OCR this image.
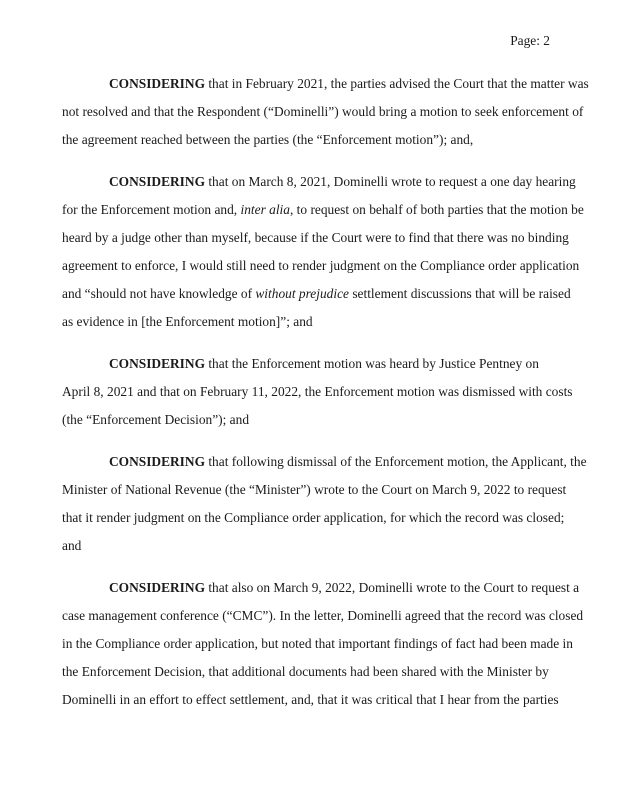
Page: 2

CONSIDERING that in February 2021, the parties advised the Court that the matter was
not resolved and that the Respondent (“Dominelli”) would bring a motion to seek enforcement of
the agreement reached between the parties (the “Enforcement motion”); and,

CONSIDERING that on March 8, 2021, Dominelli wrote to request a one day hearing
for the Enforcement motion and, inter alia, to request on behalf of both parties that the motion be
heard by a judge other than myself, because if the Court were to find that there was no binding
agreement to enforce, I would still need to render judgment on the Compliance order application
and “should not have knowledge of without prejudice settlement discussions that will be raised
as evidence in [the Enforcement motion]”; and

CONSIDERING that the Enforcement motion was heard by Justice Pentney on
April 8, 2021 and that on February 11, 2022, the Enforcement motion was dismissed with costs
(the “Enforcement Decision”); and

CONSIDERING that following dismissal of the Enforcement motion, the Applicant, the
Minister of National Revenue (the “Minister”) wrote to the Court on March 9, 2022 to request
that it render judgment on the Compliance order application, for which the record was closed;
and

CONSIDERING that also on March 9, 2022, Dominelli wrote to the Court to request a
case management conference (“CMC”). In the letter, Dominelli agreed that the record was closed
in the Compliance order application, but noted that important findings of fact had been made in
the Enforcement Decision, that additional documents had been shared with the Minister by
Dominelli in an effort to effect settlement, and, that it was critical that I hear from the parties
